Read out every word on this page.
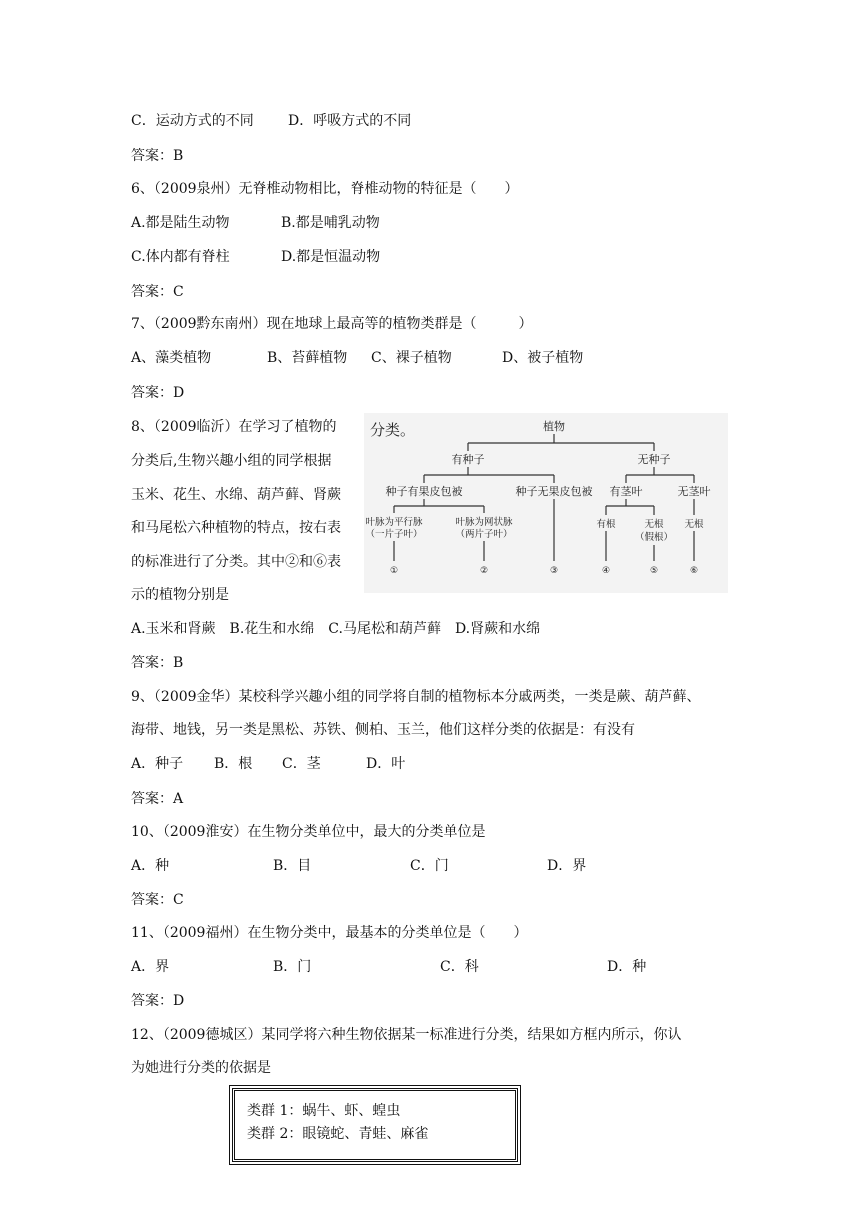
C．运动方式的不同 D．呼吸方式的不同
答案：B
6、（2009泉州）无脊椎动物相比，脊椎动物的特征是（　　）
A.都是陆生动物	B.都是哺乳动物
C.体内都有脊柱	D.都是恒温动物
答案：C
7、（2009黔东南州）现在地球上最高等的植物类群是（　　　）
A、藻类植物	B、苔藓植物 C、裸子植物	D、被子植物
答案：D
8、（2009临沂）在学习了植物的
分类后,生物兴趣小组的同学根据
玉米、花生、水绵、葫芦藓、肾蕨
和马尾松六种植物的特点，按右表
的标准进行了分类。其中②和⑥表
示的植物分别是
分类。	植物
有种子	无种子
种子有果皮包被	种子无果皮包被 有茎叶	无茎叶
叶脉为平行脉
（一片子叶）
叶脉为网状脉
（两片子叶）
有根	无根
（假根）
无根
①	②	③	④	⑤	⑥
A.玉米和肾蕨　B.花生和水绵　C.马尾松和葫芦藓　D.肾蕨和水绵
答案：B
9、（2009金华）某校科学兴趣小组的同学将自制的植物标本分戚两类，一类是蕨、葫芦藓、
海带、地钱，另一类是黑松、苏铁、侧柏、玉兰，他们这样分类的依据是：有没有
A．种子 B．根 C．茎	D．叶
答案：A
10、（2009淮安）在生物分类单位中，最大的分类单位是
A．种	B．目	C．门	D．界
答案：C
11、（2009福州）在生物分类中，最基本的分类单位是（　　）
A．界	B．门	C．科	D．种
答案：D
12、（2009德城区）某同学将六种生物依据某一标准进行分类，结果如方框内所示，你认
为她进行分类的依据是
类群 1：蜗牛、虾、蝗虫
类群 2：眼镜蛇、青蛙、麻雀
